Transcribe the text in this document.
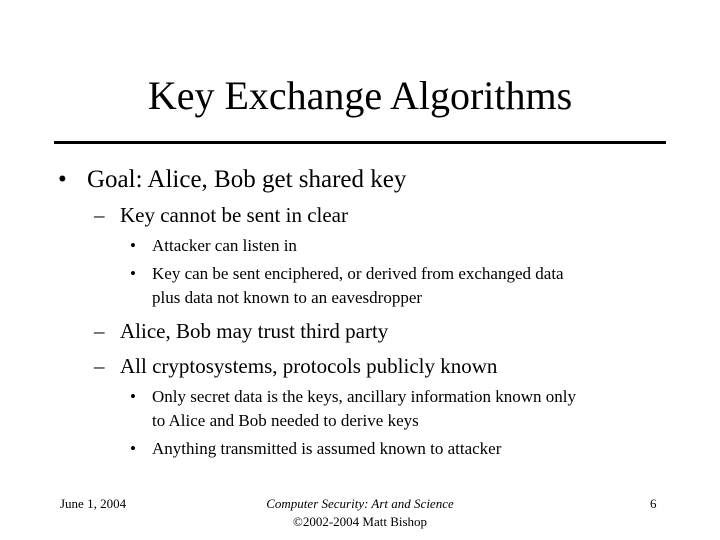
Key Exchange Algorithms
• Goal: Alice, Bob get shared key
– Key cannot be sent in clear
• Attacker can listen in
• Key can be sent enciphered, or derived from exchanged data
plus data not known to an eavesdropper
– Alice, Bob may trust third party
– All cryptosystems, protocols publicly known
• Only secret data is the keys, ancillary information known only
to Alice and Bob needed to derive keys
• Anything transmitted is assumed known to attacker
June 1, 2004	Computer Security: Art and Science
©2002-2004 Matt Bishop
6
